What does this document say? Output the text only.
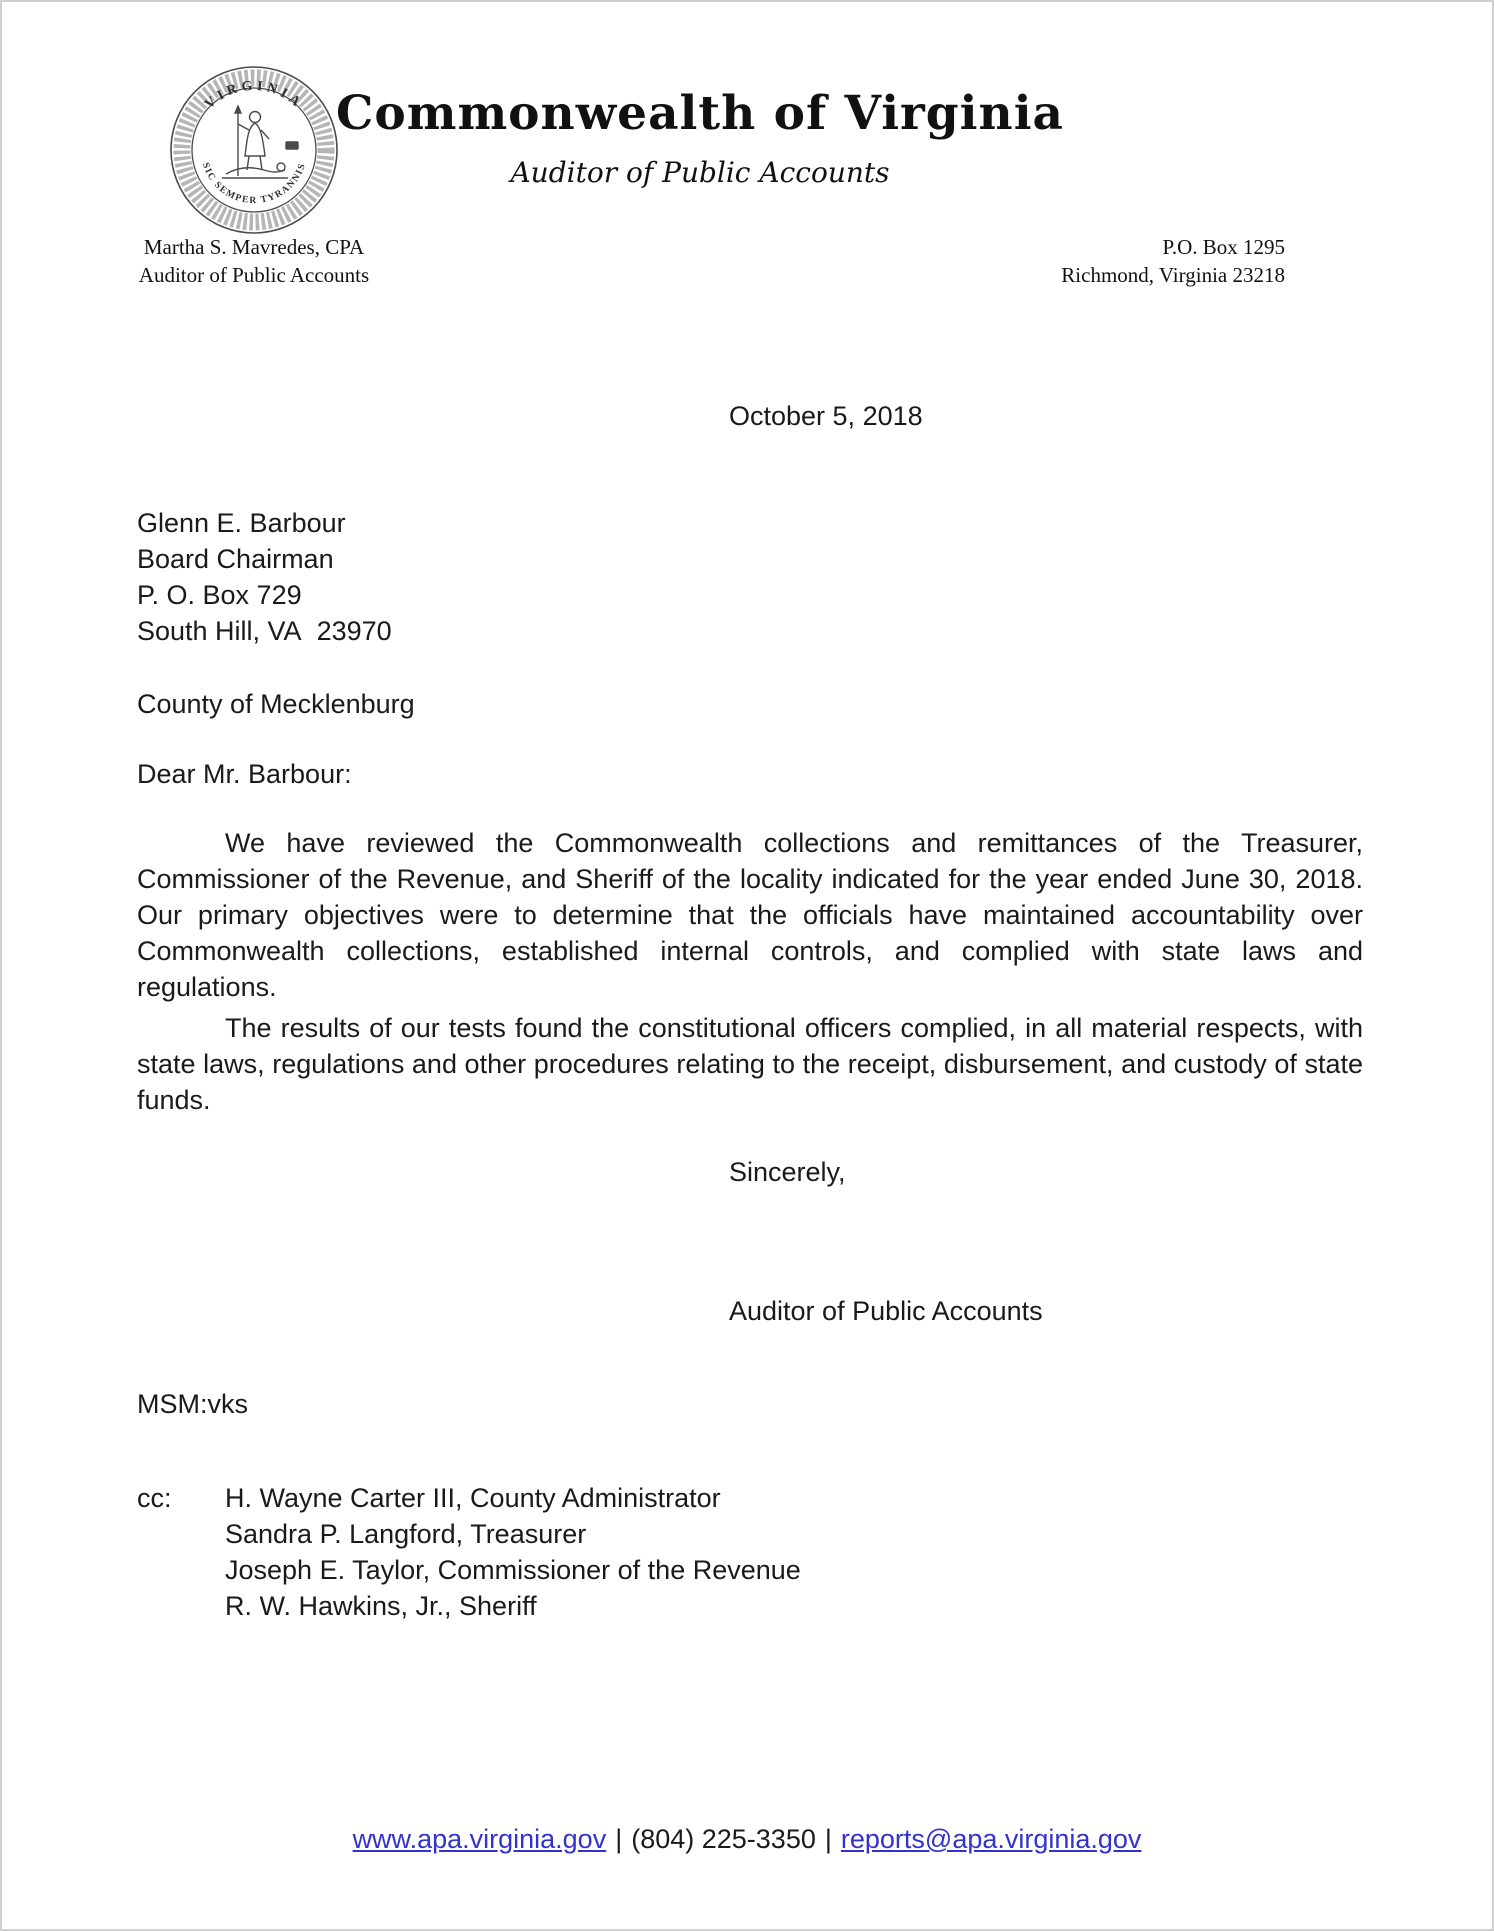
VIRGINIA
SIC SEMPER TYRANNIS
Commonwealth of Virginia
Auditor of Public Accounts
Martha S. Mavredes, CPA
Auditor of Public Accounts
P.O. Box 1295
Richmond, Virginia 23218
October 5, 2018
Glenn E. Barbour
Board Chairman
P. O. Box 729
South Hill, VA  23970
County of Mecklenburg
Dear Mr. Barbour:
We have reviewed the Commonwealth collections and remittances of the Treasurer, Commissioner of the Revenue, and Sheriff of the locality indicated for the year ended June 30, 2018. Our primary objectives were to determine that the officials have maintained accountability over Commonwealth collections, established internal controls, and complied with state laws and regulations.
The results of our tests found the constitutional officers complied, in all material respects, with state laws, regulations and other procedures relating to the receipt, disbursement, and custody of state funds.
Sincerely,
Auditor of Public Accounts
MSM:vks
cc:	H. Wayne Carter III, County Administrator
Sandra P. Langford, Treasurer
Joseph E. Taylor, Commissioner of the Revenue
R. W. Hawkins, Jr., Sheriff
www.apa.virginia.gov | (804) 225-3350 | reports@apa.virginia.gov
